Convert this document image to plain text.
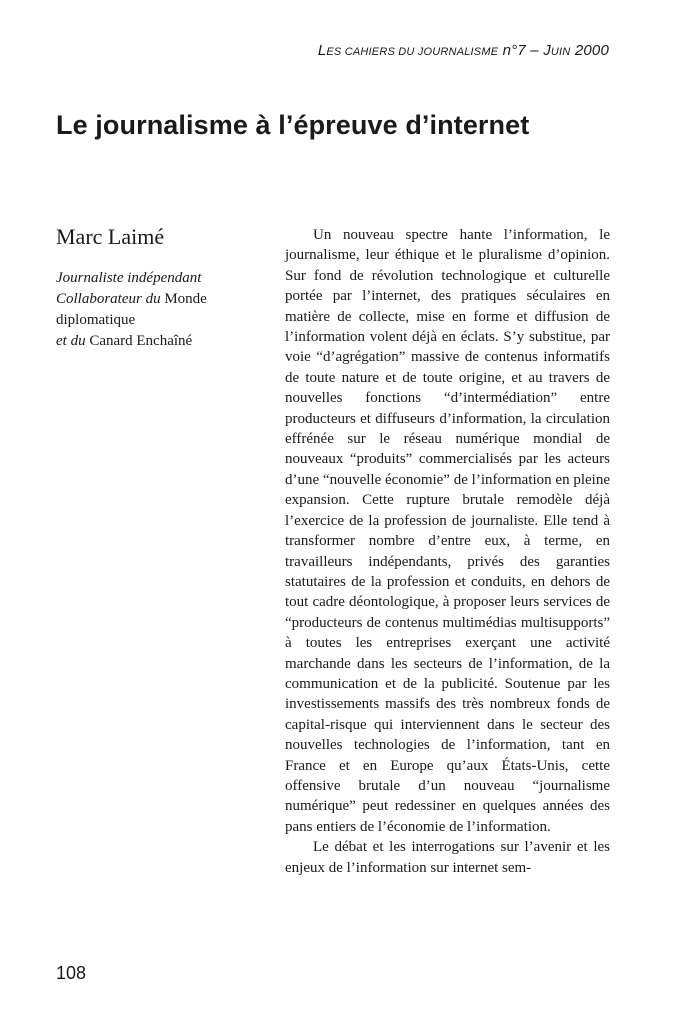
LES CAHIERS DU JOURNALISME n°7 – JUIN 2000
Le journalisme à l’épreuve d’internet
Marc Laimé

Journaliste indépendant

Collaborateur du Monde

diplomatique

et du Canard Enchaîné

Un nouveau spectre hante l’information, le journalisme, leur éthique et le pluralisme d’opinion. Sur fond de révolution technologique et culturelle portée par l’internet, des pratiques séculaires en matière de collecte, mise en forme et diffusion de l’information volent déjà en éclats. S’y substitue, par voie “d’agrégation” massive de contenus informatifs de toute nature et de toute origine, et au travers de nouvelles fonctions “d’intermédiation” entre producteurs et diffuseurs d’information, la circulation effrénée sur le réseau numérique mondial de nouveaux “produits” commercialisés par les acteurs d’une “nouvelle économie” de l’information en pleine expansion. Cette rupture brutale remodèle déjà l’exercice de la profession de journaliste. Elle tend à transformer nombre d’entre eux, à terme, en travailleurs indépendants, privés des garanties statutaires de la profession et conduits, en dehors de tout cadre déontologique, à proposer leurs services de “producteurs de contenus multimédias multisupports” à toutes les entreprises exerçant une activité marchande dans les secteurs de l’information, de la communication et de la publicité. Soutenue par les investissements massifs des très nombreux fonds de capital-risque qui interviennent dans le secteur des nouvelles technologies de l’information, tant en France et en Europe qu’aux États-Unis, cette offensive brutale d’un nouveau “journalisme numérique” peut redessiner en quelques années des pans entiers de l’économie de l’information.

Le débat et les interrogations sur l’avenir et les enjeux de l’information sur internet sem-

108
